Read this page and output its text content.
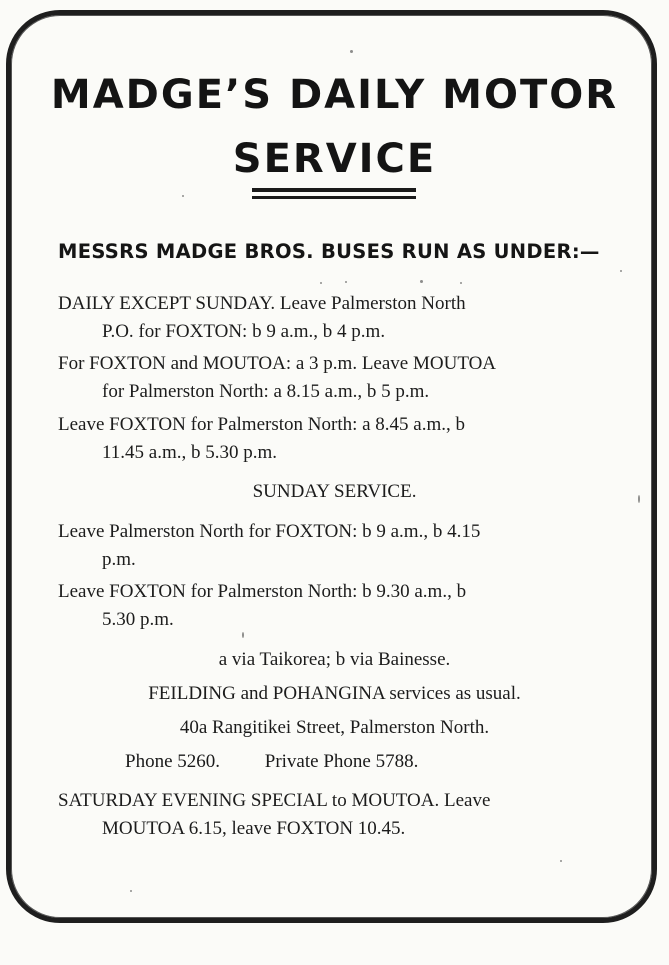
MADGE’S DAILY MOTOR
SERVICE
MESSRS MADGE BROS. BUSES RUN AS UNDER:—
DAILY EXCEPT SUNDAY. Leave Palmerston North
P.O. for FOXTON: b 9 a.m., b 4 p.m.
For FOXTON and MOUTOA: a 3 p.m. Leave MOUTOA
for Palmerston North: a 8.15 a.m., b 5 p.m.
Leave FOXTON for Palmerston North: a 8.45 a.m., b
11.45 a.m., b 5.30 p.m.
SUNDAY SERVICE.
Leave Palmerston North for FOXTON: b 9 a.m., b 4.15
p.m.
Leave FOXTON for Palmerston North: b 9.30 a.m., b
5.30 p.m.
a via Taikorea; b via Bainesse.
FEILDING and POHANGINA services as usual.
40a Rangitikei Street, Palmerston North.
Phone 5260. Private Phone 5788.
SATURDAY EVENING SPECIAL to MOUTOA. Leave
MOUTOA 6.15, leave FOXTON 10.45.
